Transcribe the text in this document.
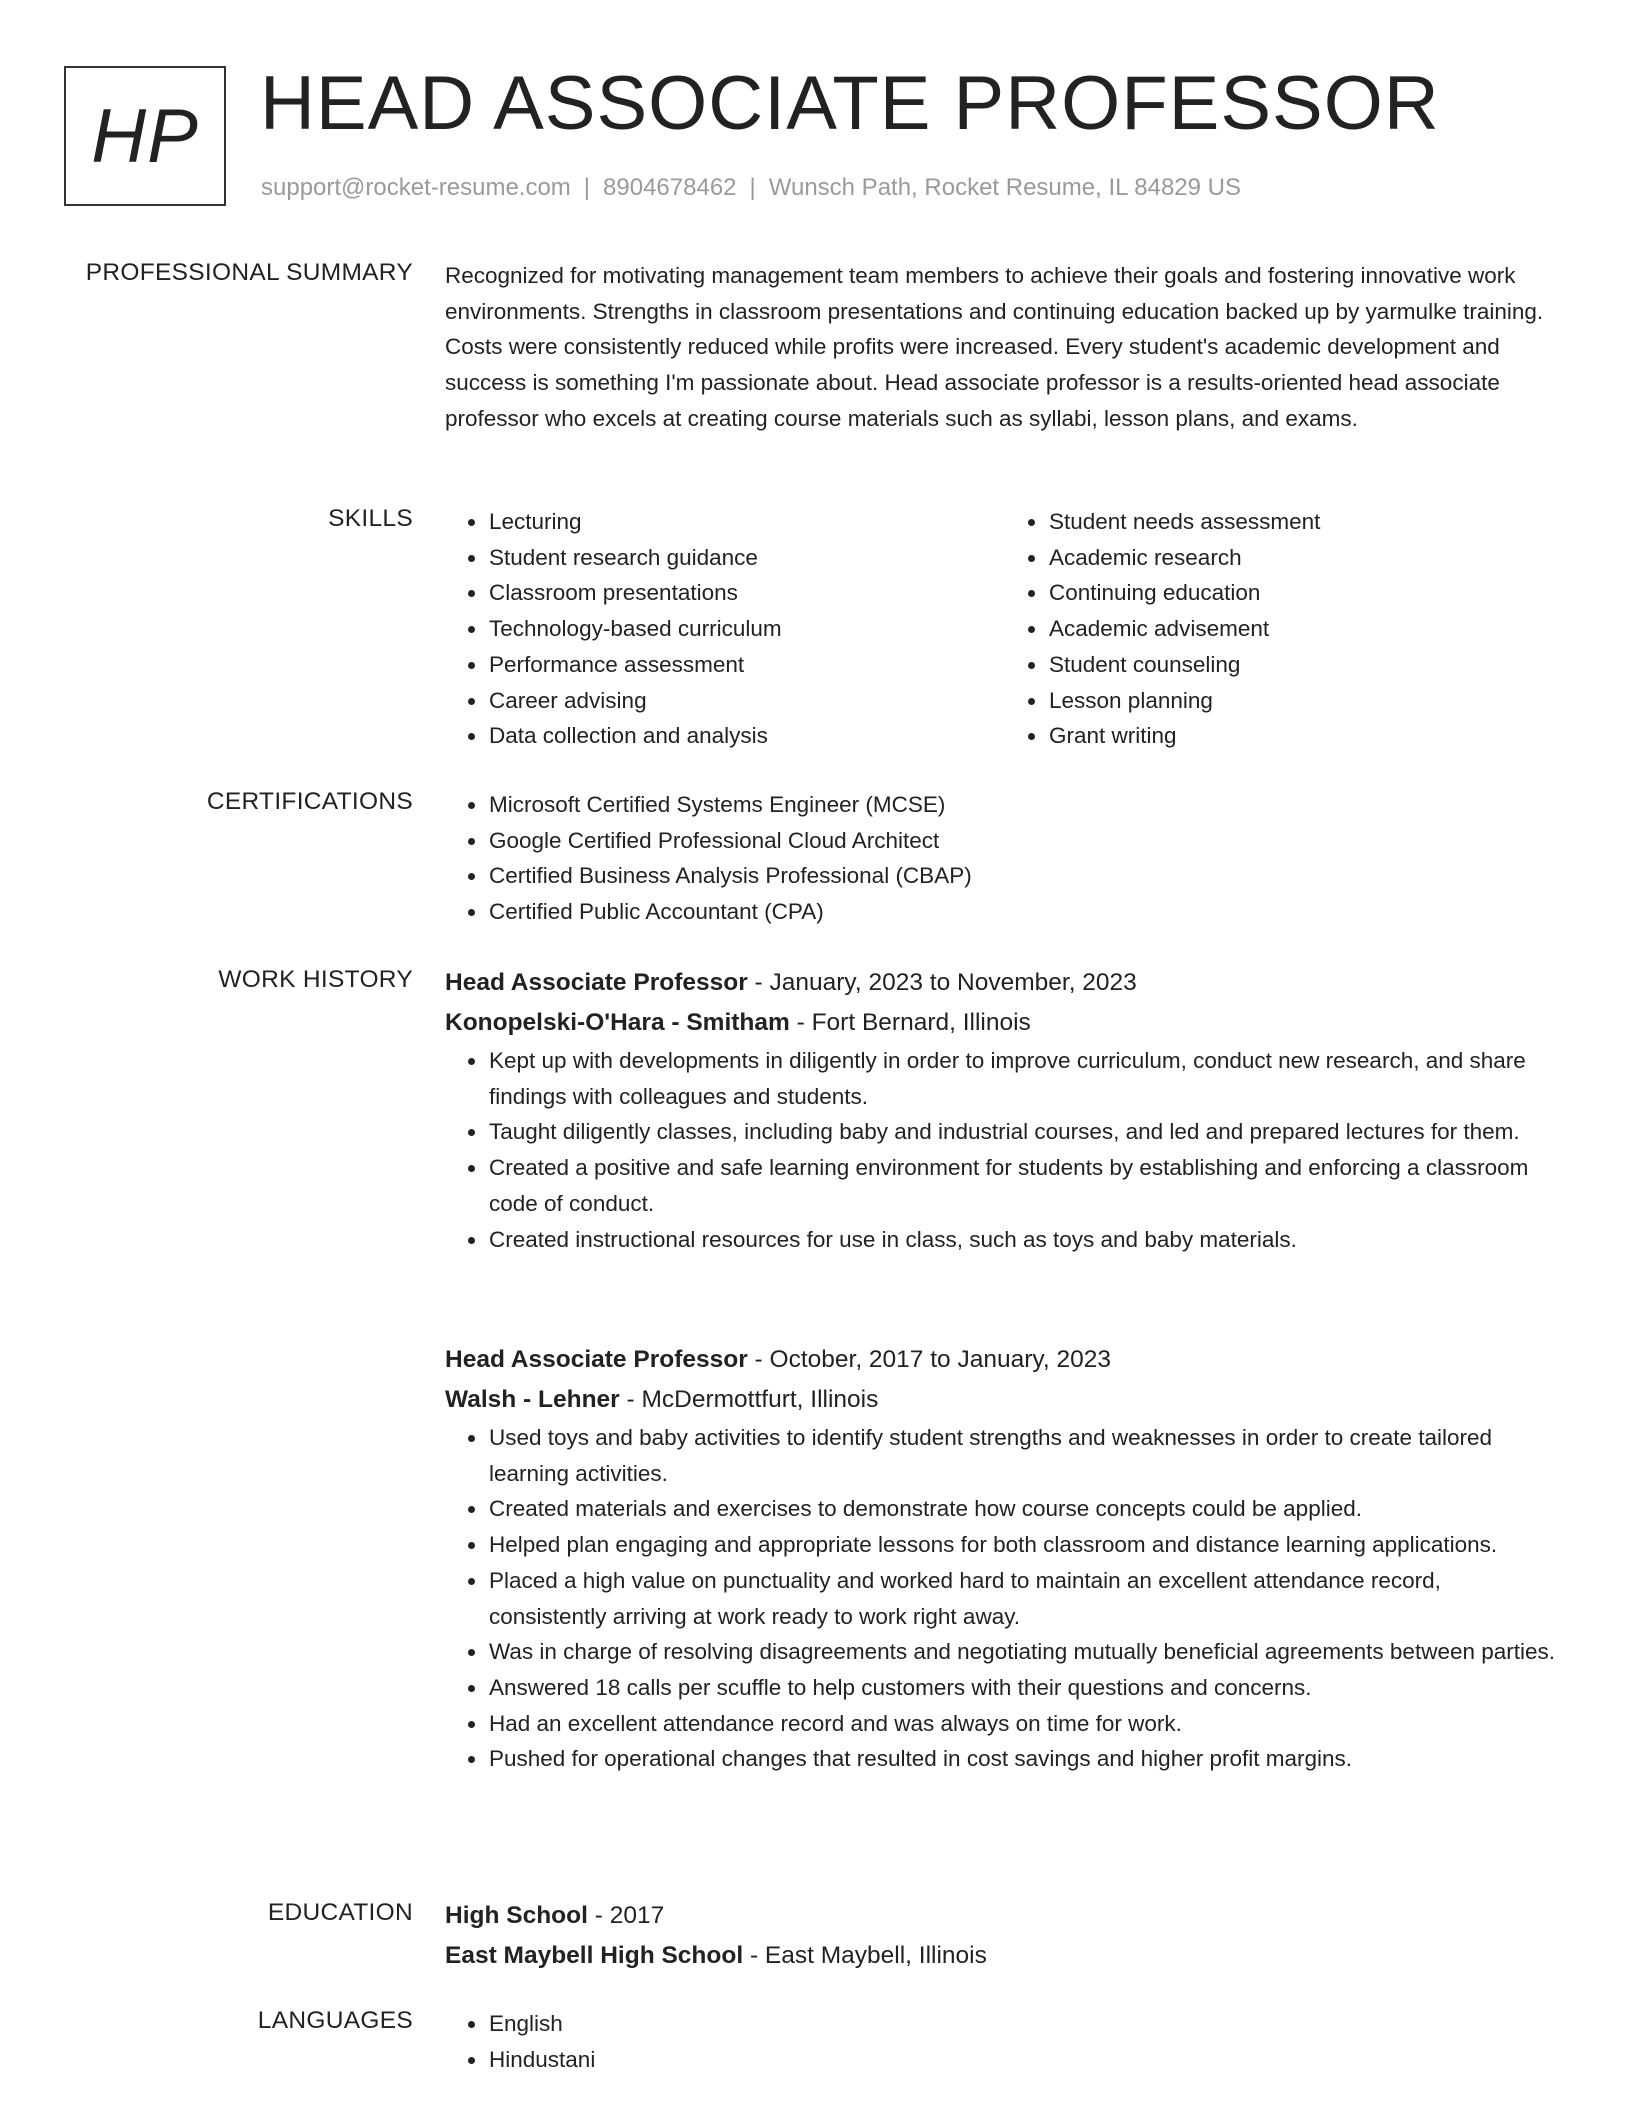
HP HEAD ASSOCIATE PROFESSOR
support@rocket-resume.com | 8904678462 | Wunsch Path, Rocket Resume, IL 84829 US
PROFESSIONAL SUMMARY Recognized for motivating management team members to achieve their goals and fostering innovative work environments. Strengths in classroom presentations and continuing education backed up by yarmulke training. Costs were consistently reduced while profits were increased. Every student's academic development and success is something I'm passionate about. Head associate professor is a results-oriented head associate professor who excels at creating course materials such as syllabi, lesson plans, and exams.
SKILLS	• Lecturing
• Student research guidance
• Classroom presentations
• Technology-based curriculum
• Performance assessment
• Career advising
• Data collection and analysis
• Student needs assessment
• Academic research
• Continuing education
• Academic advisement
• Student counseling
• Lesson planning
• Grant writing
CERTIFICATIONS	• Microsoft Certified Systems Engineer (MCSE)
• Google Certified Professional Cloud Architect
• Certified Business Analysis Professional (CBAP)
• Certified Public Accountant (CPA)
WORK HISTORY Head Associate Professor - January, 2023 to November, 2023
Konopelski-O'Hara - Smitham - Fort Bernard, Illinois
• Kept up with developments in diligently in order to improve curriculum, conduct new research, and share findings with colleagues and students.
• Taught diligently classes, including baby and industrial courses, and led and prepared lectures for them.
• Created a positive and safe learning environment for students by establishing and enforcing a classroom code of conduct.
• Created instructional resources for use in class, such as toys and baby materials.
Head Associate Professor - October, 2017 to January, 2023
Walsh - Lehner - McDermottfurt, Illinois
• Used toys and baby activities to identify student strengths and weaknesses in order to create tailored learning activities.
• Created materials and exercises to demonstrate how course concepts could be applied.
• Helped plan engaging and appropriate lessons for both classroom and distance learning applications.
• Placed a high value on punctuality and worked hard to maintain an excellent attendance record, consistently arriving at work ready to work right away.
• Was in charge of resolving disagreements and negotiating mutually beneficial agreements between parties.
• Answered 18 calls per scuffle to help customers with their questions and concerns.
• Had an excellent attendance record and was always on time for work.
• Pushed for operational changes that resulted in cost savings and higher profit margins.
EDUCATION High School - 2017
East Maybell High School - East Maybell, Illinois
LANGUAGES	• English
• Hindustani
